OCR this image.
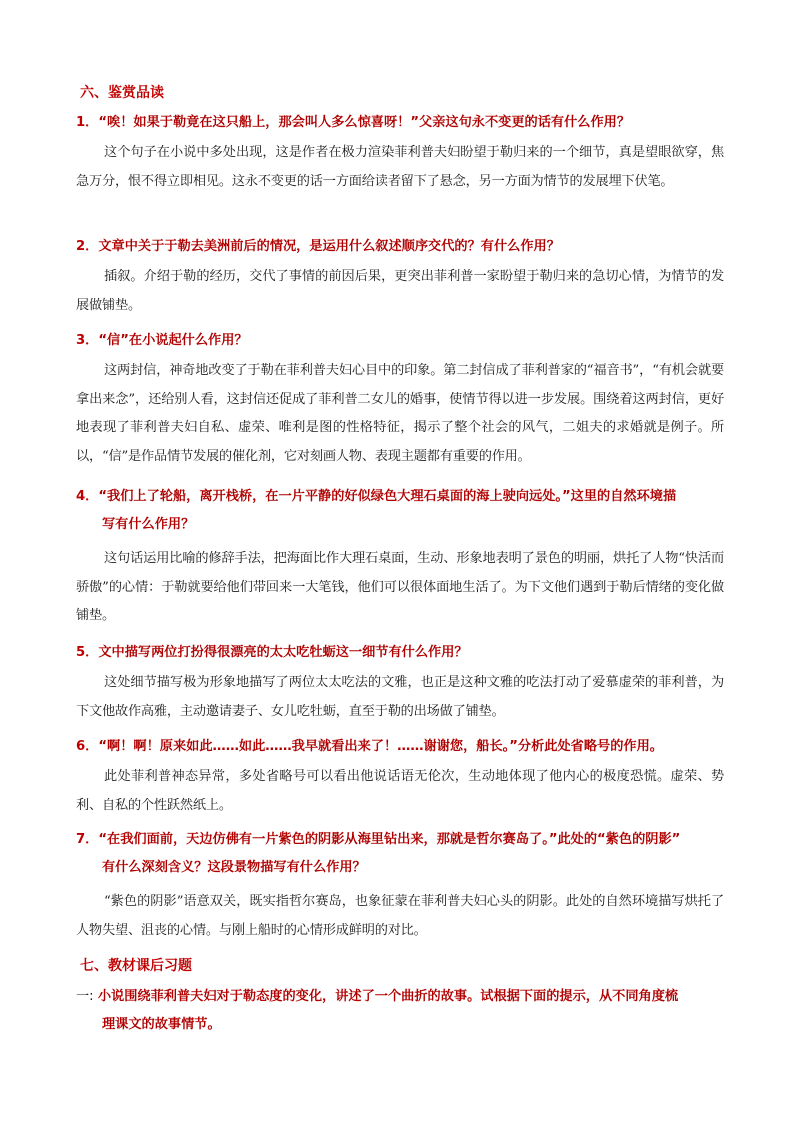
六、鉴赏品读
1．“唉！如果于勒竟在这只船上，那会叫人多么惊喜呀！”父亲这句永不变更的话有什么作用？
这个句子在小说中多处出现，这是作者在极力渲染菲利普夫妇盼望于勒归来的一个细节，真是望眼欲穿，焦急万分，恨不得立即相见。这永不变更的话一方面给读者留下了悬念，另一方面为情节的发展埋下伏笔。
2．文章中关于于勒去美洲前后的情况，是运用什么叙述顺序交代的？有什么作用？
插叙。介绍于勒的经历，交代了事情的前因后果，更突出菲利普一家盼望于勒归来的急切心情，为情节的发展做铺垫。
3．“信”在小说起什么作用？
这两封信，神奇地改变了于勒在菲利普夫妇心目中的印象。第二封信成了菲利普家的“福音书”，“有机会就要拿出来念”，还给别人看，这封信还促成了菲利普二女儿的婚事，使情节得以进一步发展。围绕着这两封信，更好地表现了菲利普夫妇自私、虚荣、唯利是图的性格特征，揭示了整个社会的风气，二姐夫的求婚就是例子。所以，“信”是作品情节发展的催化剂，它对刻画人物、表现主题都有重要的作用。
4．“我们上了轮船，离开栈桥，在一片平静的好似绿色大理石桌面的海上驶向远处。”这里的自然环境描
写有什么作用？
这句话运用比喻的修辞手法，把海面比作大理石桌面，生动、形象地表明了景色的明丽，烘托了人物“快活而骄傲”的心情：于勒就要给他们带回来一大笔钱，他们可以很体面地生活了。为下文他们遇到于勒后情绪的变化做铺垫。
5．文中描写两位打扮得很漂亮的太太吃牡蛎这一细节有什么作用？
这处细节描写极为形象地描写了两位太太吃法的文雅，也正是这种文雅的吃法打动了爱慕虚荣的菲利普，为下文他故作高雅，主动邀请妻子、女儿吃牡蛎，直至于勒的出场做了铺垫。
6．“啊！啊！原来如此……如此……我早就看出来了！……谢谢您，船长。”分析此处省略号的作用。
此处菲利普神态异常，多处省略号可以看出他说话语无伦次，生动地体现了他内心的极度恐慌。虚荣、势利、自私的个性跃然纸上。
7．“在我们面前，天边仿佛有一片紫色的阴影从海里钻出来，那就是哲尔赛岛了。”此处的“紫色的阴影”
有什么深刻含义？这段景物描写有什么作用？
“紫色的阴影”语意双关，既实指哲尔赛岛，也象征蒙在菲利普夫妇心头的阴影。此处的自然环境描写烘托了人物失望、沮丧的心情。与刚上船时的心情形成鲜明的对比。
七、教材课后习题
一: 小说围绕菲利普夫妇对于勒态度的变化，讲述了一个曲折的故事。试根据下面的提示，从不同角度梳
理课文的故事情节。
